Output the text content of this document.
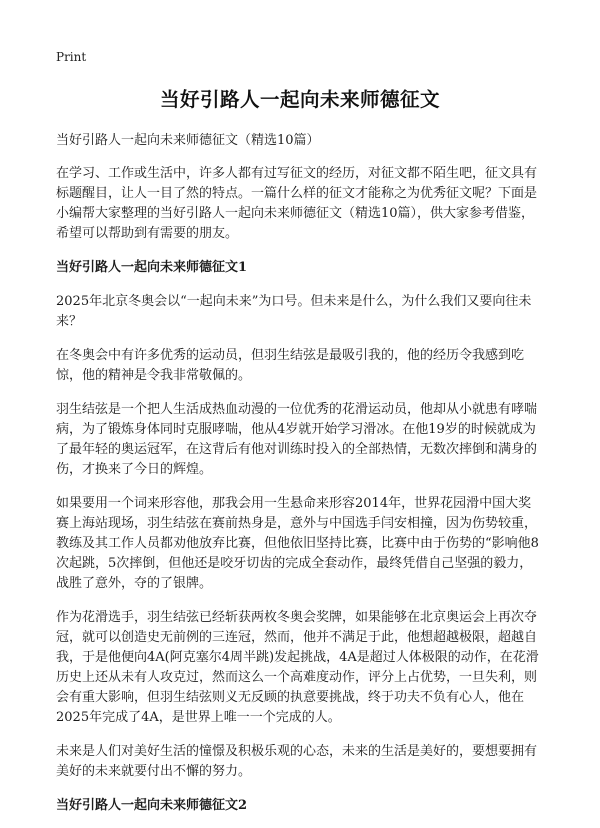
Print
当好引路人一起向未来师德征文
当好引路人一起向未来师德征文（精选10篇）

在学习、工作或生活中，许多人都有过写征文的经历，对征文都不陌生吧，征文具有标题醒目，让人一目了然的特点。一篇什么样的征文才能称之为优秀征文呢？下面是小编帮大家整理的当好引路人一起向未来师德征文（精选10篇），供大家参考借鉴，希望可以帮助到有需要的朋友。

当好引路人一起向未来师德征文1

2025年北京冬奥会以“一起向未来”为口号。但未来是什么，为什么我们又要向往未来？

在冬奥会中有许多优秀的运动员，但羽生结弦是最吸引我的，他的经历令我感到吃惊，他的精神是令我非常敬佩的。

羽生结弦是一个把人生活成热血动漫的一位优秀的花滑运动员，他却从小就患有哮喘病，为了锻炼身体同时克服哮喘，他从4岁就开始学习滑冰。在他19岁的时候就成为了最年轻的奥运冠军，在这背后有他对训练时投入的全部热情，无数次摔倒和满身的伤，才换来了今日的辉煌。

如果要用一个词来形容他，那我会用一生悬命来形容2014年，世界花园滑中国大奖赛上海站现场，羽生结弦在赛前热身是，意外与中国选手闫安相撞，因为伤势较重，教练及其工作人员都劝他放弃比赛，但他依旧坚持比赛，比赛中由于伤势的“影响他8次起跳，5次摔倒，但他还是咬牙切齿的完成全套动作，最终凭借自己坚强的毅力，战胜了意外，夺的了银牌。

作为花滑选手，羽生结弦已经斩获两枚冬奥会奖牌，如果能够在北京奥运会上再次夺冠，就可以创造史无前例的三连冠，然而，他并不满足于此，他想超越极限，超越自我，于是他便向4A(阿克塞尔4周半跳)发起挑战，4A是超过人体极限的动作，在花滑历史上还从未有人攻克过，然而这么一个高难度动作，评分上占优势，一旦失利，则会有重大影响，但羽生结弦则义无反顾的执意要挑战，终于功夫不负有心人，他在2025年完成了4A，是世界上唯一一个完成的人。

未来是人们对美好生活的憧憬及积极乐观的心态，未来的生活是美好的，要想要拥有美好的未来就要付出不懈的努力。

当好引路人一起向未来师德征文2
